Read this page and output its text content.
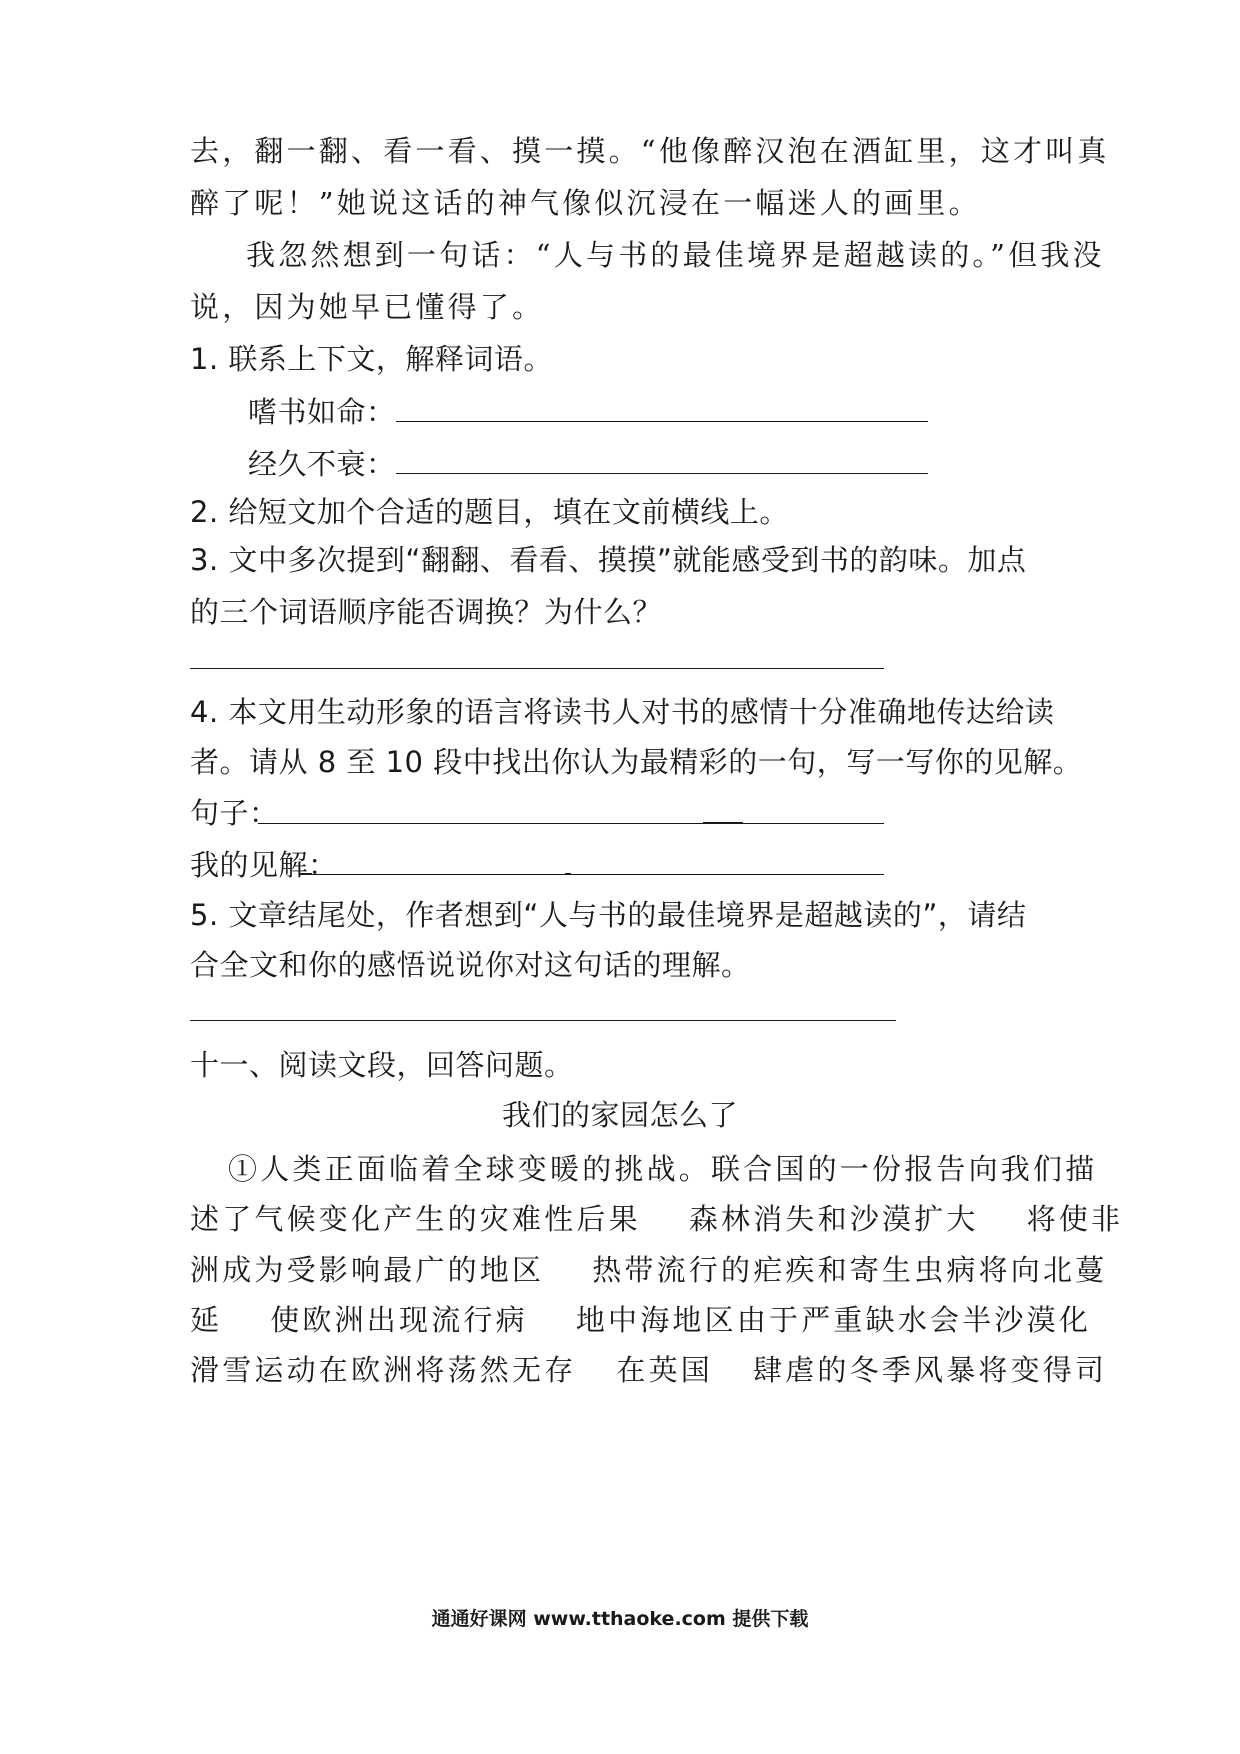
去，翻一翻、看一看、摸一摸。“他像醉汉泡在酒缸里，这才叫真
醉了呢！”她说这话的神气像似沉浸在一幅迷人的画里。
我忽然想到一句话：“人与书的最佳境界是超越读的。”但我没
说，因为她早已懂得了。
1. 联系上下文，解释词语。
嗜书如命：
经久不衰：
2. 给短文加个合适的题目，填在文前横线上。
3. 文中多次提到“翻翻、看看、摸摸”就能感受到书的韵味。加点
的三个词语顺序能否调换？为什么？
4. 本文用生动形象的语言将读书人对书的感情十分准确地传达给读
者。请从 8 至 10 段中找出你认为最精彩的一句，写一写你的见解。
句子：
我的见解：
5. 文章结尾处，作者想到“人与书的最佳境界是超越读的”，请结
合全文和你的感悟说说你对这句话的理解。
十一、阅读文段，回答问题。
我们的家园怎么了
①人类正面临着全球变暖的挑战。联合国的一份报告向我们描
述了气候变化产生的灾难性后果 森林消失和沙漠扩大 将使非
洲成为受影响最广的地区 热带流行的疟疾和寄生虫病将向北蔓
延 使欧洲出现流行病 地中海地区由于严重缺水会半沙漠化
滑雪运动在欧洲将荡然无存 在英国 肆虐的冬季风暴将变得司
通通好课网 www.tthaoke.com 提供下载
